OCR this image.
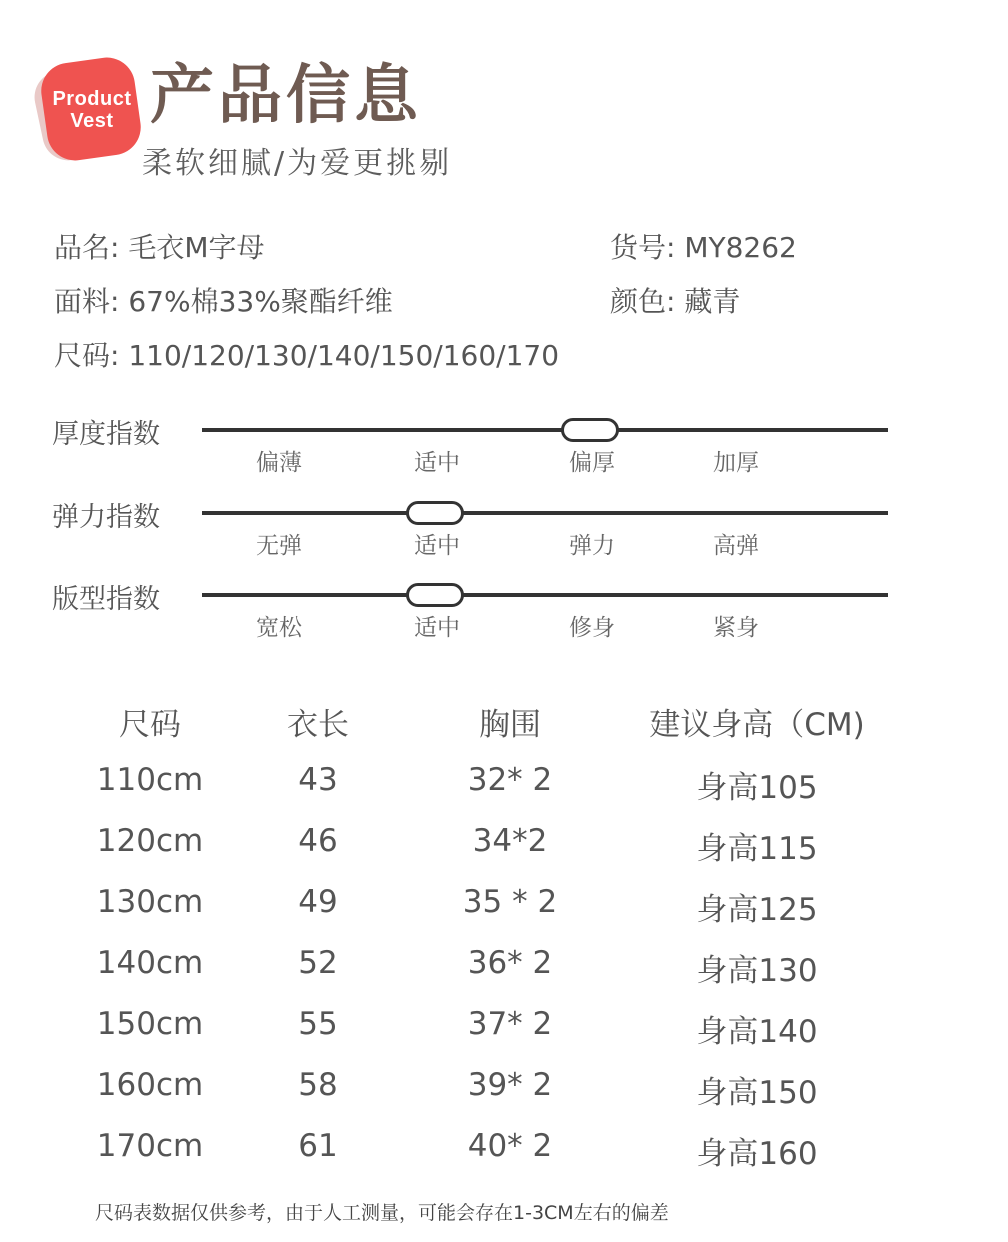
Product
Vest 产品信息
柔软细腻/为爱更挑剔
品名: 毛衣M字母	货号: MY8262
面料: 67%棉33%聚酯纤维	颜色: 藏青
尺码: 110/120/130/140/150/160/170
厚度指数
偏薄	适中	偏厚	加厚
弹力指数
无弹	适中	弹力	高弹
版型指数
宽松	适中	修身	紧身
尺码	衣长	胸围	建议身高（CM)
110cm	43	32* 2	身高105
120cm	46	34*2	身高115
130cm	49	35 * 2	身高125
140cm	52	36* 2	身高130
150cm	55	37* 2	身高140
160cm	58	39* 2	身高150
170cm	61	40* 2	身高160
尺码表数据仅供参考，由于人工测量，可能会存在1-3CM左右的偏差
